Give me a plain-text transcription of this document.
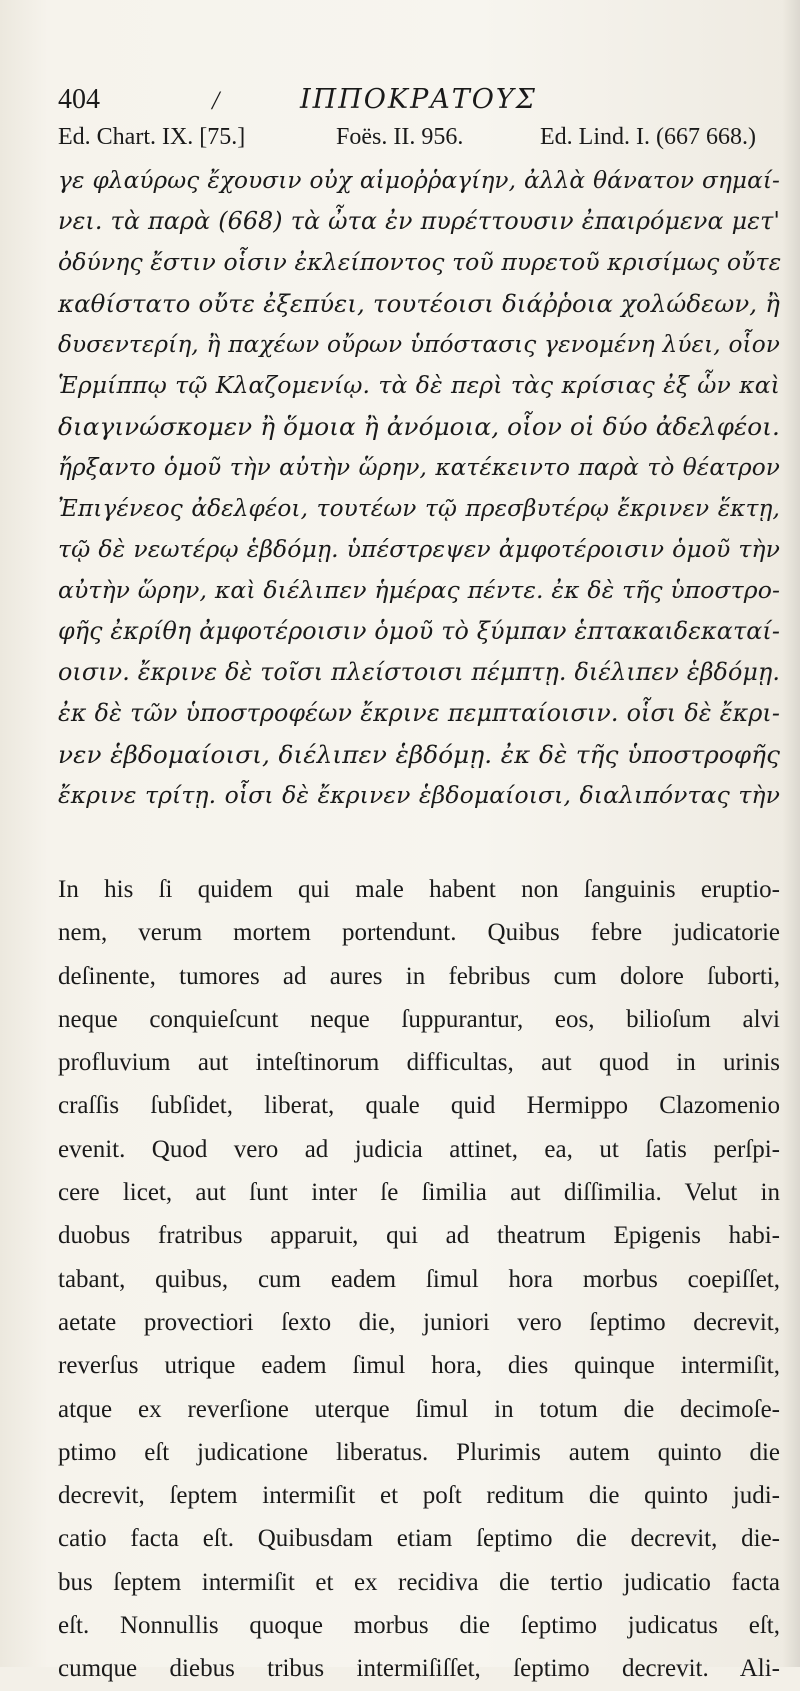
404	/	ΙΠΠΟΚΡΑΤΟΥΣ
Ed. Chart. IX. [75.]	Foës. II. 956.	Ed. Lind. I. (667 668.)
γε φλαύρως ἔχουσιν οὐχ αἱμοῤῥαγίην, ἀλλὰ θάνατον σημαί-
νει. τὰ παρὰ (668) τὰ ὦτα ἐν πυρέττουσιν ἐπαιρόμενα μετ'
ὀδύνης ἔστιν οἷσιν ἐκλείποντος τοῦ πυρετοῦ κρισίμως οὔτε
καθίστατο οὔτε ἐξεπύει, τουτέοισι διάῤῥοια χολώδεων, ἢ
δυσεντερίη, ἢ παχέων οὔρων ὑπόστασις γενομένη λύει, οἷον
Ἑρμίππῳ τῷ Κλαζομενίῳ. τὰ δὲ περὶ τὰς κρίσιας ἐξ ὧν καὶ
διαγινώσκομεν ἢ ὅμοια ἢ ἀνόμοια, οἷον οἱ δύο ἀδελφέοι.
ἤρξαντο ὁμοῦ τὴν αὐτὴν ὥρην, κατέκειντο παρὰ τὸ θέατρον
Ἐπιγένεος ἀδελφέοι, τουτέων τῷ πρεσβυτέρῳ ἔκρινεν ἕκτῃ,
τῷ δὲ νεωτέρῳ ἑβδόμῃ. ὑπέστρεψεν ἀμφοτέροισιν ὁμοῦ τὴν
αὐτὴν ὥρην, καὶ διέλιπεν ἡμέρας πέντε. ἐκ δὲ τῆς ὑποστρο-
φῆς ἐκρίθη ἀμφοτέροισιν ὁμοῦ τὸ ξύμπαν ἑπτακαιδεκαταί-
οισιν. ἔκρινε δὲ τοῖσι πλείστοισι πέμπτῃ. διέλιπεν ἑβδόμῃ.
ἐκ δὲ τῶν ὑποστροφέων ἔκρινε πεμπταίοισιν. οἷσι δὲ ἔκρι-
νεν ἑβδομαίοισι, διέλιπεν ἑβδόμῃ. ἐκ δὲ τῆς ὑποστροφῆς
ἔκρινε τρίτῃ. οἷσι δὲ ἔκρινεν ἑβδομαίοισι, διαλιπόντας τὴν
In his ſi quidem qui male habent non ſanguinis eruptio-
nem, verum mortem portendunt. Quibus febre judicatorie
deſinente, tumores ad aures in febribus cum dolore ſuborti,
neque conquieſcunt neque ſuppurantur, eos, bilioſum alvi
profluvium aut inteſtinorum difficultas, aut quod in urinis
craſſis ſubſidet, liberat, quale quid Hermippo Clazomenio
evenit. Quod vero ad judicia attinet, ea, ut ſatis perſpi-
cere licet, aut ſunt inter ſe ſimilia aut diſſimilia. Velut in
duobus fratribus apparuit, qui ad theatrum Epigenis habi-
tabant, quibus, cum eadem ſimul hora morbus coepiſſet,
aetate provectiori ſexto die, juniori vero ſeptimo decrevit,
reverſus utrique eadem ſimul hora, dies quinque intermiſit,
atque ex reverſione uterque ſimul in totum die decimoſe-
ptimo eſt judicatione liberatus. Plurimis autem quinto die
decrevit, ſeptem intermiſit et poſt reditum die quinto judi-
catio facta eſt. Quibusdam etiam ſeptimo die decrevit, die-
bus ſeptem intermiſit et ex recidiva die tertio judicatio facta
eſt. Nonnullis quoque morbus die ſeptimo judicatus eſt,
cumque diebus tribus intermiſiſſet, ſeptimo decrevit. Ali-
